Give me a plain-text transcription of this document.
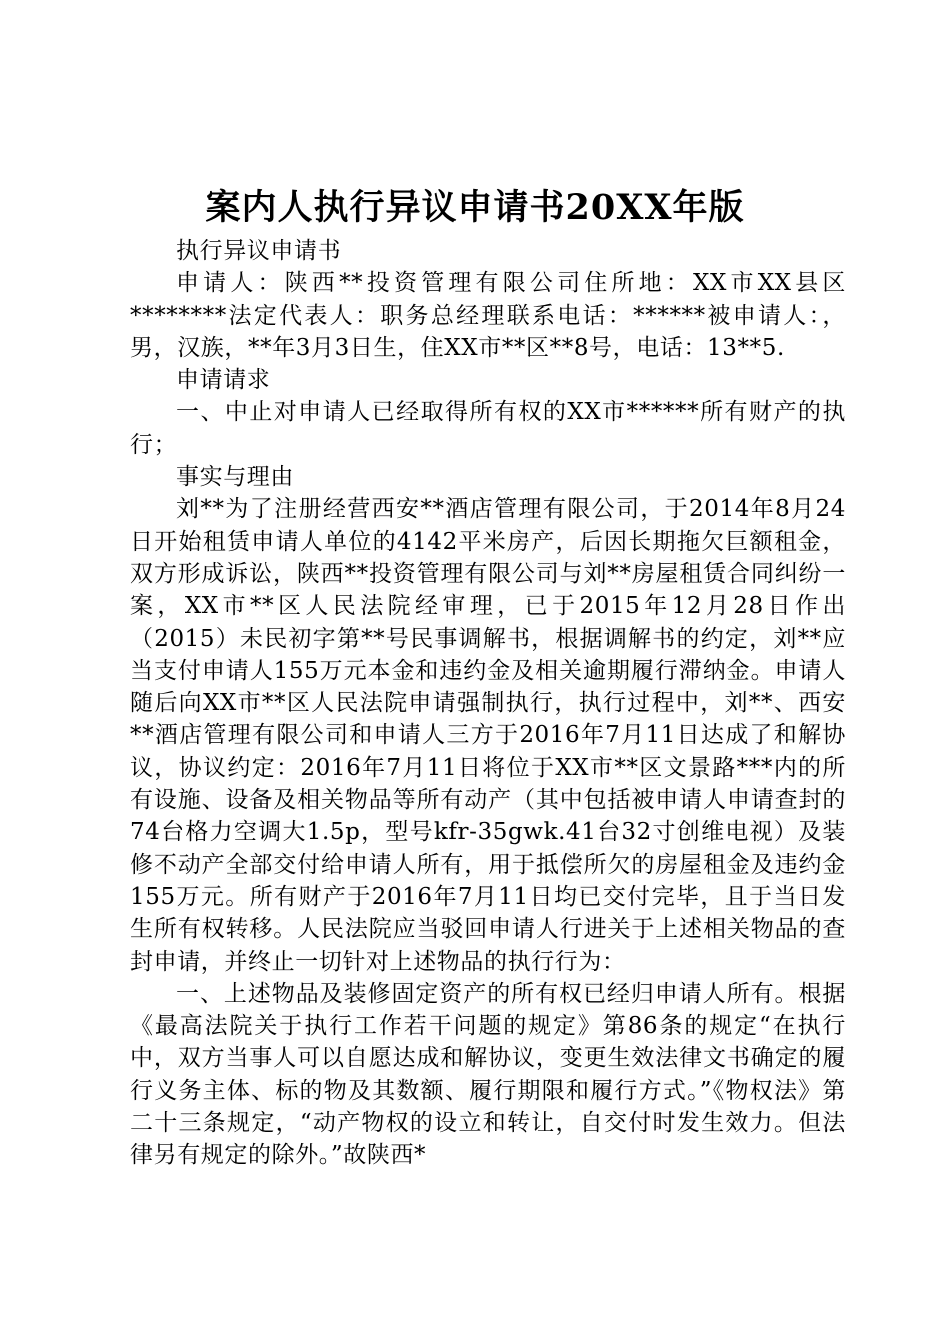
案内人执行异议申请书20XX年版

执行异议申请书

申请人：陕西**投资管理有限公司住所地：XX市XX县区********法定代表人：职务总经理联系电话：******被申请人：，男，汉族，**年3月3日生，住XX市**区**8号，电话：13**5.

申请请求

一、中止对申请人已经取得所有权的XX市******所有财产的执行；

事实与理由

刘**为了注册经营西安**酒店管理有限公司，于2014年8月24日开始租赁申请人单位的4142平米房产，后因长期拖欠巨额租金，双方形成诉讼，陕西**投资管理有限公司与刘**房屋租赁合同纠纷一案，XX市**区人民法院经审理，已于2015年12月28日作出（2015）未民初字第**号民事调解书，根据调解书的约定，刘**应当支付申请人155万元本金和违约金及相关逾期履行滞纳金。申请人随后向XX市**区人民法院申请强制执行，执行过程中，刘**、西安**酒店管理有限公司和申请人三方于2016年7月11日达成了和解协议，协议约定：2016年7月11日将位于XX市**区文景路***内的所有设施、设备及相关物品等所有动产（其中包括被申请人申请查封的74台格力空调大1.5p，型号kfr-35gwk.41台32寸创维电视）及装修不动产全部交付给申请人所有，用于抵偿所欠的房屋租金及违约金155万元。所有财产于2016年7月11日均已交付完毕，且于当日发生所有权转移。人民法院应当驳回申请人行进关于上述相关物品的查封申请，并终止一切针对上述物品的执行行为：

一、上述物品及装修固定资产的所有权已经归申请人所有。根据《最高法院关于执行工作若干问题的规定》第86条的规定“在执行中，双方当事人可以自愿达成和解协议，变更生效法律文书确定的履行义务主体、标的物及其数额、履行期限和履行方式。”《物权法》第二十三条规定，“动产物权的设立和转让，自交付时发生效力。但法律另有规定的除外。”故陕西*
